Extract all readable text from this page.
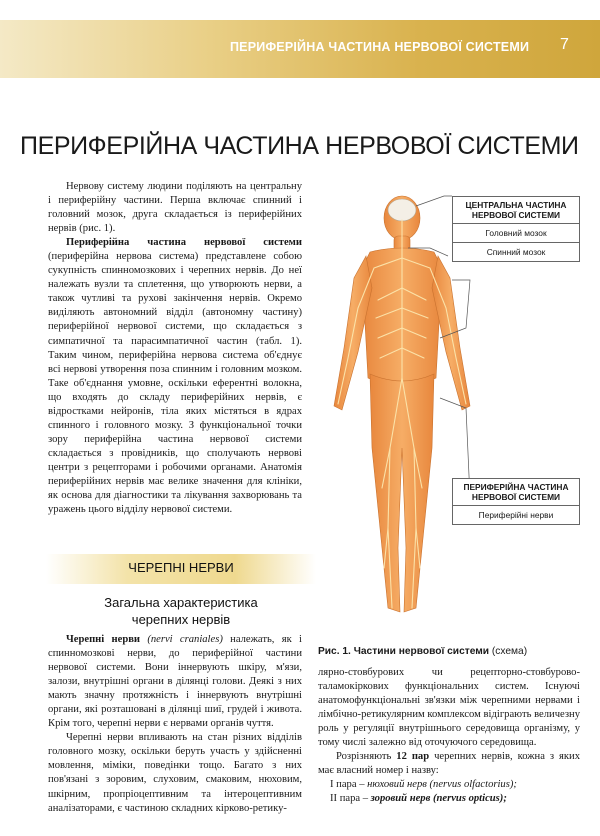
ПЕРИФЕРІЙНА ЧАСТИНА НЕРВОВОЇ СИСТЕМИ 7
ПЕРИФЕРІЙНА ЧАСТИНА НЕРВОВОЇ СИСТЕМИ

Нервову систему людини поділяють на центральну і периферійну частини. Перша включає спинний і головний мозок, друга складається із периферійних нервів (рис. 1).

Периферійна частина нервової системи (периферійна нервова система) представлене собою сукупність спинномозкових і черепних нервів. До неї належать вузли та сплетення, що утворюють нерви, а також чутливі та рухові закінчення нервів. Окремо виділяють автономний відділ (автономну частину) периферійної нервової системи, що складається з симпатичної та парасимпатичної частин (табл. 1). Таким чином, периферійна нервова система об'єднує всі нервові утворення поза спинним і головним мозком. Таке об'єднання умовне, оскільки еферентні волокна, що входять до складу периферійних нервів, є відростками нейронів, тіла яких містяться в ядрах спинного і головного мозку. З функціональної точки зору периферійна частина нервової системи складається з провідників, що сполучають нервові центри з рецепторами і робочими органами. Анатомія периферійних нервів має велике значення для клініки, як основа для діагностики та лікування захворювань та уражень цього відділу нервової системи.

ЧЕРЕПНІ НЕРВИ
Загальна характеристика
черепних нервів

Черепні нерви (nervi craniales) належать, як і спинномозкові нерви, до периферійної частини нервової системи. Вони іннервують шкіру, м'язи, залози, внутрішні органи в ділянці голови. Деякі з них мають значну протяжність і іннервують внутрішні органи, які розташовані в ділянці шиї, грудей і живота. Крім того, черепні нерви є нервами органів чуття.

Черепні нерви впливають на стан різних відділів головного мозку, оскільки беруть участь у здійсненні мовлення, міміки, поведінки тощо. Багато з них пов'язані з зоровим, слуховим, смаковим, нюховим, шкірним, пропріоцептивним та інтероцептивним аналізаторами, є частиною складних кірково-ретику-

ЦЕНТРАЛЬНА ЧАСТИНА НЕРВОВОЇ СИСТЕМИ
Головний мозок
Спинний мозок
ПЕРИФЕРІЙНА ЧАСТИНА НЕРВОВОЇ СИСТЕМИ
Периферійні нерви
Рис. 1. Частини нервової системи (схема)

лярно-стовбурових чи рецепторно-стовбурово-таламокіркових функціональних систем. Існуючі анатомофункціональні зв'язки між черепними нервами і лімбічно-ретикулярним комплексом відіграють величезну роль у регуляції внутрішнього середовища організму, у тому числі залежно від оточуючого середовища.

Розрізняють 12 пар черепних нервів, кожна з яких має власний номер і назву:

І пара – нюховий нерв (nervus olfactorius);

ІІ пара – зоровий нерв (nervus opticus);
